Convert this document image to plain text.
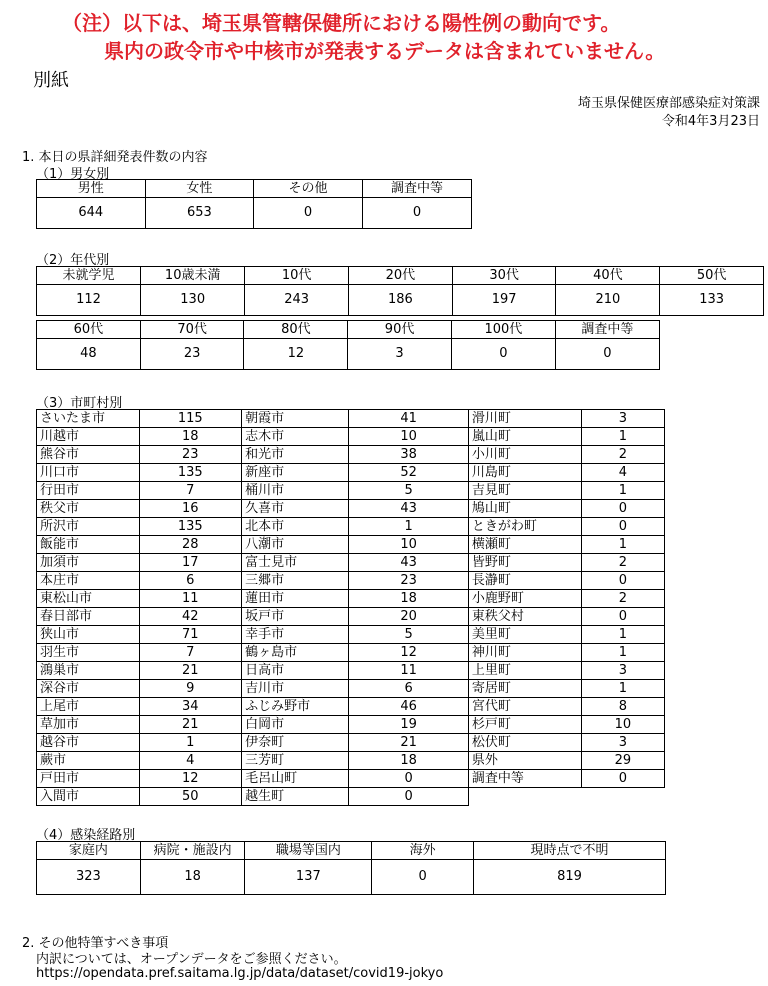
（注）以下は、埼玉県管轄保健所における陽性例の動向です。
県内の政令市や中核市が発表するデータは含まれていません。
別紙
埼玉県保健医療部感染症対策課
令和4年3月23日
1. 本日の県詳細発表件数の内容
（1）男女別
男性	女性	その他	調査中等
644	653	0	0
（2）年代別
未就学児	10歳未満	10代	20代	30代	40代	50代
112	130	243	186	197	210	133
60代	70代	80代	90代	100代	調査中等
48	23	12	3	0	0
（3）市町村別
さいたま市	115	朝霞市	41	滑川町	3
川越市	18	志木市	10	嵐山町	1
熊谷市	23	和光市	38	小川町	2
川口市	135	新座市	52	川島町	4
行田市	7	桶川市	5	吉見町	1
秩父市	16	久喜市	43	鳩山町	0
所沢市	135	北本市	1	ときがわ町	0
飯能市	28	八潮市	10	横瀬町	1
加須市	17	富士見市	43	皆野町	2
本庄市	6	三郷市	23	長瀞町	0
東松山市	11	蓮田市	18	小鹿野町	2
春日部市	42	坂戸市	20	東秩父村	0
狭山市	71	幸手市	5	美里町	1
羽生市	7	鶴ヶ島市	12	神川町	1
鴻巣市	21	日高市	11	上里町	3
深谷市	9	吉川市	6	寄居町	1
上尾市	34	ふじみ野市	46	宮代町	8
草加市	21	白岡市	19	杉戸町	10
越谷市	1	伊奈町	21	松伏町	3
蕨市	4	三芳町	18	県外	29
戸田市	12	毛呂山町	0	調査中等	0
入間市	50	越生町	0		
（4）感染経路別
家庭内	病院・施設内	職場等国内	海外	現時点で不明
323	18	137	0	819
2. その他特筆すべき事項
内訳については、オープンデータをご参照ください。
https://opendata.pref.saitama.lg.jp/data/dataset/covid19-jokyo
